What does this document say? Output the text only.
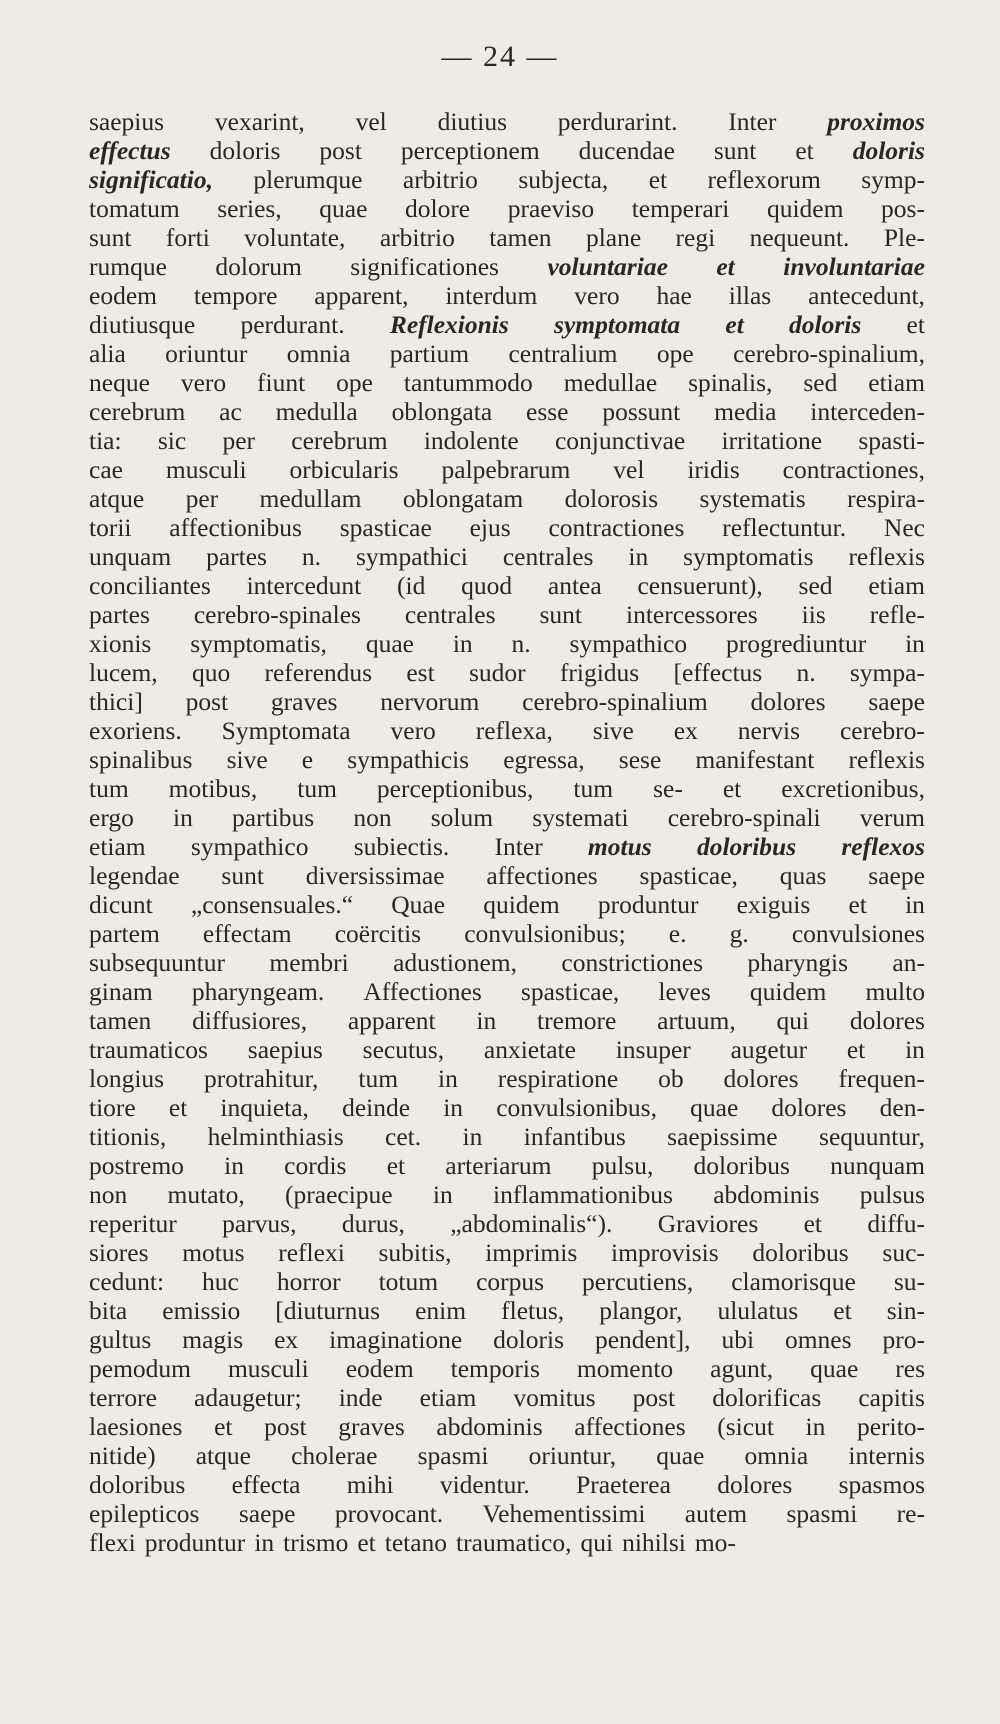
— 24 —
saepius vexarint, vel diutius perdurarint. Inter proximos
effectus doloris post perceptionem ducendae sunt et doloris
significatio, plerumque arbitrio subjecta, et reflexorum symp-
tomatum series, quae dolore praeviso temperari quidem pos-
sunt forti voluntate, arbitrio tamen plane regi nequeunt. Ple-
rumque dolorum significationes voluntariae et involuntariae
eodem tempore apparent, interdum vero hae illas antecedunt,
diutiusque perdurant. Reflexionis symptomata et doloris et
alia oriuntur omnia partium centralium ope cerebro-spinalium,
neque vero fiunt ope tantummodo medullae spinalis, sed etiam
cerebrum ac medulla oblongata esse possunt media interceden-
tia: sic per cerebrum indolente conjunctivae irritatione spasti-
cae musculi orbicularis palpebrarum vel iridis contractiones,
atque per medullam oblongatam dolorosis systematis respira-
torii affectionibus spasticae ejus contractiones reflectuntur. Nec
unquam partes n. sympathici centrales in symptomatis reflexis
conciliantes intercedunt (id quod antea censuerunt), sed etiam
partes cerebro-spinales centrales sunt intercessores iis refle-
xionis symptomatis, quae in n. sympathico progrediuntur in
lucem, quo referendus est sudor frigidus [effectus n. sympa-
thici] post graves nervorum cerebro-spinalium dolores saepe
exoriens. Symptomata vero reflexa, sive ex nervis cerebro-
spinalibus sive e sympathicis egressa, sese manifestant reflexis
tum motibus, tum perceptionibus, tum se- et excretionibus,
ergo in partibus non solum systemati cerebro-spinali verum
etiam sympathico subiectis. Inter motus doloribus reflexos
legendae sunt diversissimae affectiones spasticae, quas saepe
dicunt „consensuales.“ Quae quidem produntur exiguis et in
partem effectam coërcitis convulsionibus; e. g. convulsiones
subsequuntur membri adustionem, constrictiones pharyngis an-
ginam pharyngeam. Affectiones spasticae, leves quidem multo
tamen diffusiores, apparent in tremore artuum, qui dolores
traumaticos saepius secutus, anxietate insuper augetur et in
longius protrahitur, tum in respiratione ob dolores frequen-
tiore et inquieta, deinde in convulsionibus, quae dolores den-
titionis, helminthiasis cet. in infantibus saepissime sequuntur,
postremo in cordis et arteriarum pulsu, doloribus nunquam
non mutato, (praecipue in inflammationibus abdominis pulsus
reperitur parvus, durus, „abdominalis“). Graviores et diffu-
siores motus reflexi subitis, imprimis improvisis doloribus suc-
cedunt: huc horror totum corpus percutiens, clamorisque su-
bita emissio [diuturnus enim fletus, plangor, ululatus et sin-
gultus magis ex imaginatione doloris pendent], ubi omnes pro-
pemodum musculi eodem temporis momento agunt, quae res
terrore adaugetur; inde etiam vomitus post dolorificas capitis
laesiones et post graves abdominis affectiones (sicut in perito-
nitide) atque cholerae spasmi oriuntur, quae omnia internis
doloribus effecta mihi videntur. Praeterea dolores spasmos
epilepticos saepe provocant. Vehementissimi autem spasmi re-
flexi produntur in trismo et tetano traumatico, qui nihilsi mo-
